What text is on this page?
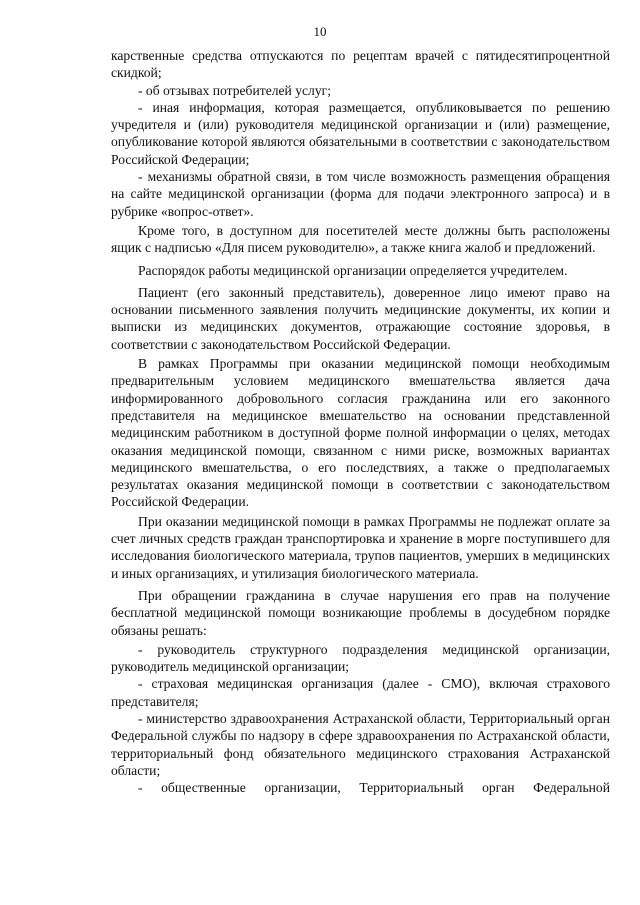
10

карственные средства отпускаются по рецептам врачей с пятидесятипроцентной скидкой;

- об отзывах потребителей услуг;

- иная информация, которая размещается, опубликовывается по решению учредителя и (или) руководителя медицинской организации и (или) размещение, опубликование которой являются обязательными в соответствии с законодательством Российской Федерации;

- механизмы обратной связи, в том числе возможность размещения обращения на сайте медицинской организации (форма для подачи электронного запроса) и в рубрике «вопрос-ответ».

Кроме того, в доступном для посетителей месте должны быть расположены ящик с надписью «Для писем руководителю», а также книга жалоб и предложений.

Распорядок работы медицинской организации определяется учредителем.

Пациент (его законный представитель), доверенное лицо имеют право на основании письменного заявления получить медицинские документы, их копии и выписки из медицинских документов, отражающие состояние здоровья, в соответствии с законодательством Российской Федерации.

В рамках Программы при оказании медицинской помощи необходимым предварительным условием медицинского вмешательства является дача информированного добровольного согласия гражданина или его законного представителя на медицинское вмешательство на основании представленной медицинским работником в доступной форме полной информации о целях, методах оказания медицинской помощи, связанном с ними риске, возможных вариантах медицинского вмешательства, о его последствиях, а также о предполагаемых результатах оказания медицинской помощи в соответствии с законодательством Российской Федерации.

При оказании медицинской помощи в рамках Программы не подлежат оплате за счет личных средств граждан транспортировка и хранение в морге поступившего для исследования биологического материала, трупов пациентов, умерших в медицинских и иных организациях, и утилизация биологического материала.

При обращении гражданина в случае нарушения его прав на получение бесплатной медицинской помощи возникающие проблемы в досудебном порядке обязаны решать:

- руководитель структурного подразделения медицинской организации, руководитель медицинской организации;

- страховая медицинская организация (далее - СМО), включая страхового представителя;

- министерство здравоохранения Астраханской области, Территориальный орган Федеральной службы по надзору в сфере здравоохранения по Астраханской области, территориальный фонд обязательного медицинского страхования Астраханской области;

- общественные организации, Территориальный орган Федеральной
